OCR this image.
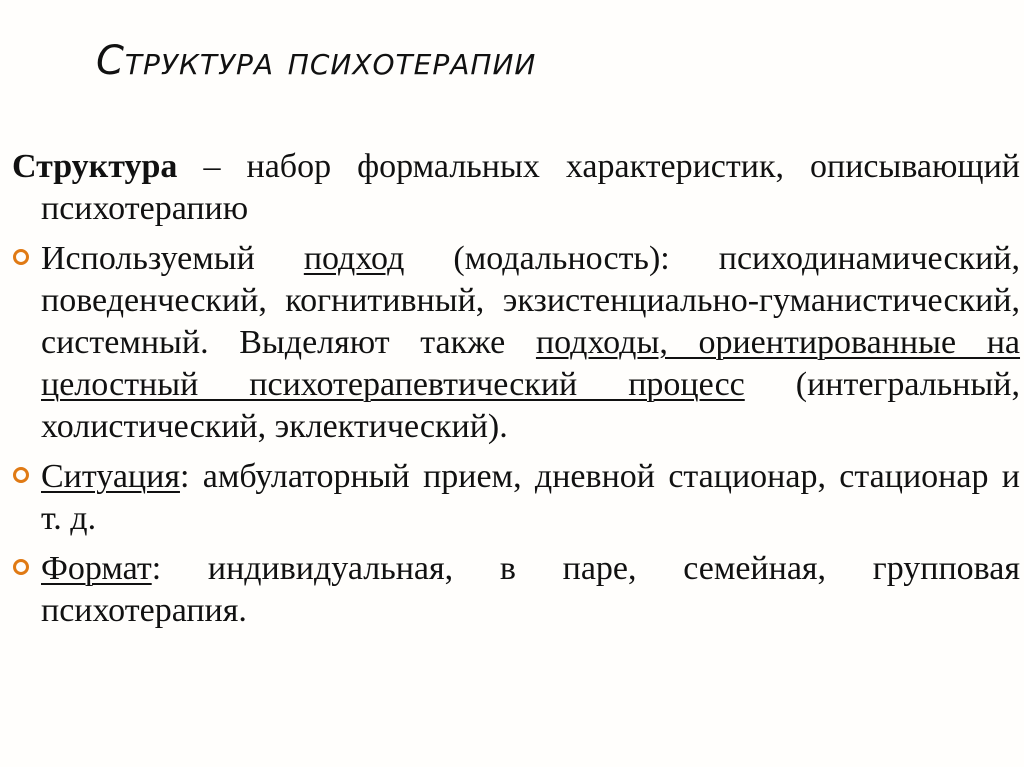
Структура психотерапии

Структура – набор формальных характеристик, описывающий психотерапию

Используемый подход (модальность): психодинамический, поведенческий, когнитивный, экзистенциально-гуманистический, системный. Выделяют также подходы, ориентированные на целостный психотерапевтический процесс (интегральный, холистический, эклектический).
Ситуация: амбулаторный прием, дневной стационар, стационар и т. д.
Формат: индивидуальная, в паре, семейная, групповая психотерапия.
